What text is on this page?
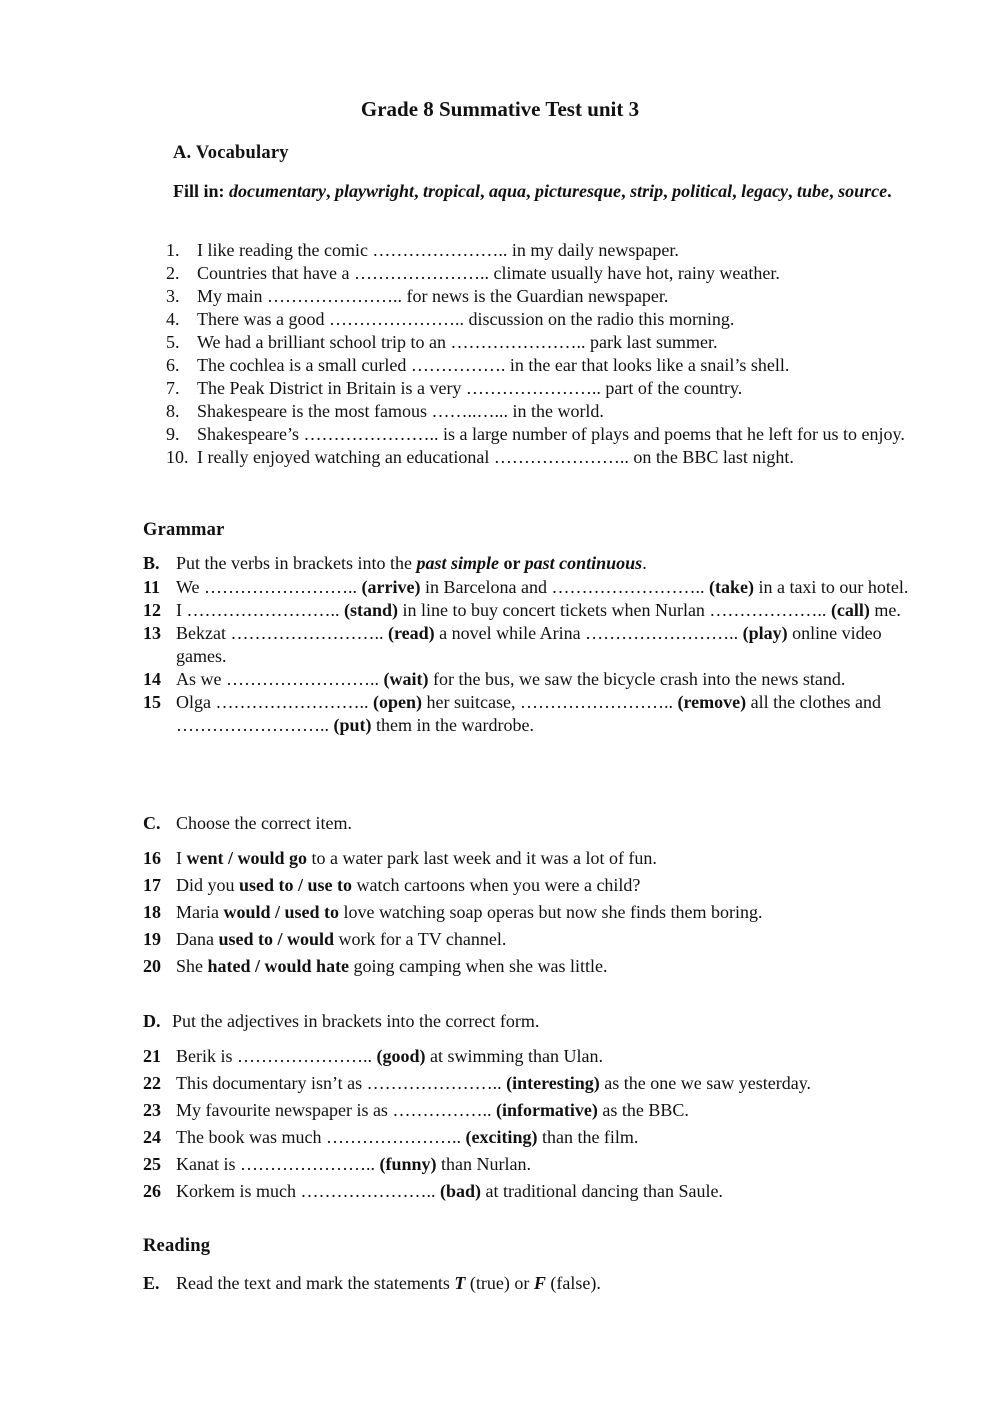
Grade 8 Summative Test unit 3
A. Vocabulary
Fill in: documentary, playwright, tropical, aqua, picturesque, strip, political, legacy, tube, source.
1. I like reading the comic ………………….. in my daily newspaper.
2. Countries that have a ………………….. climate usually have hot, rainy weather.
3. My main ………………….. for news is the Guardian newspaper.
4. There was a good ………………….. discussion on the radio this morning.
5. We had a brilliant school trip to an ………………….. park last summer.
6. The cochlea is a small curled ……………. in the ear that looks like a snail’s shell.
7. The Peak District in Britain is a very ………………….. part of the country.
8. Shakespeare is the most famous ……..…... in the world.
9. Shakespeare’s ………………….. is a large number of plays and poems that he left for us to enjoy.
10. I really enjoyed watching an educational ………………….. on the BBC last night.
Grammar
B. Put the verbs in brackets into the past simple or past continuous.
11 We …………………….. (arrive) in Barcelona and …………………….. (take) in a taxi to our hotel.
12 I …………………….. (stand) in line to buy concert tickets when Nurlan ……………….. (call) me.
13 Bekzat …………………….. (read) a novel while Arina …………………….. (play) online video games.
14 As we …………………….. (wait) for the bus, we saw the bicycle crash into the news stand.
15 Olga …………………….. (open) her suitcase, …………………….. (remove) all the clothes and …………………….. (put) them in the wardrobe.
C. Choose the correct item.
16 I went / would go to a water park last week and it was a lot of fun.
17 Did you used to / use to watch cartoons when you were a child?
18 Maria would / used to love watching soap operas but now she finds them boring.
19 Dana used to / would work for a TV channel.
20 She hated / would hate going camping when she was little.
D. Put the adjectives in brackets into the correct form.
21 Berik is ………………….. (good) at swimming than Ulan.
22 This documentary isn’t as ………………….. (interesting) as the one we saw yesterday.
23 My favourite newspaper is as …………….. (informative) as the BBC.
24 The book was much ………………….. (exciting) than the film.
25 Kanat is ………………….. (funny) than Nurlan.
26 Korkem is much ………………….. (bad) at traditional dancing than Saule.
Reading
E. Read the text and mark the statements T (true) or F (false).
